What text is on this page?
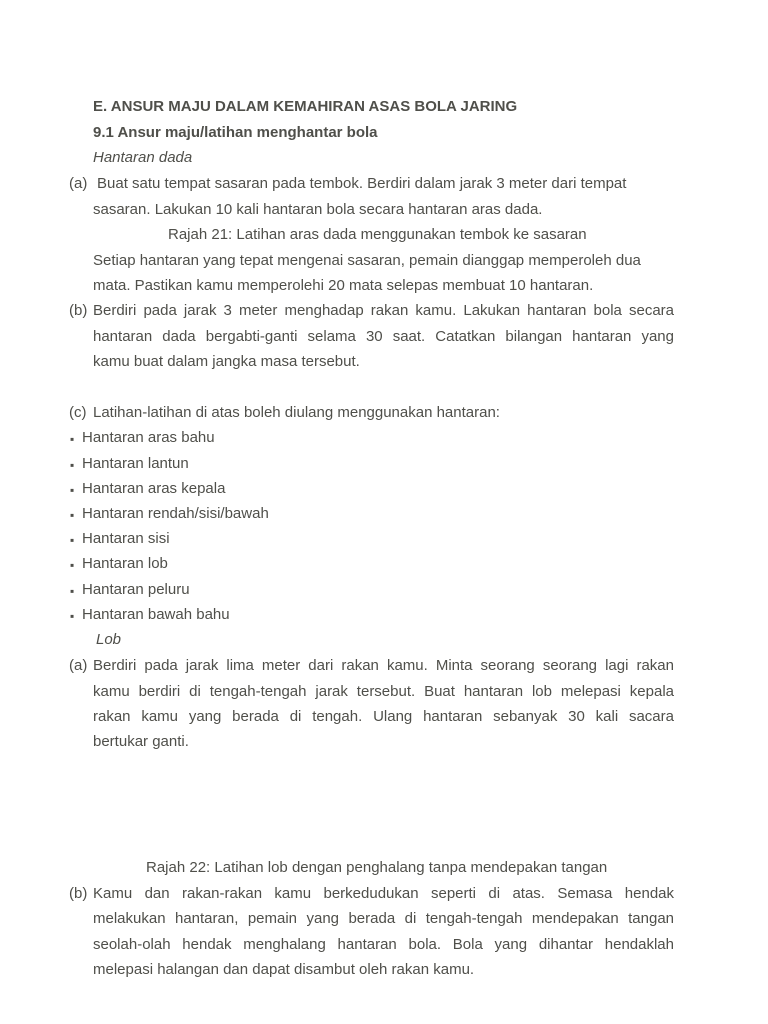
E. ANSUR MAJU DALAM KEMAHIRAN ASAS BOLA JARING
9.1 Ansur maju/latihan menghantar bola
Hantaran dada
(a) Buat satu tempat sasaran pada tembok. Berdiri dalam jarak 3 meter dari tempat
sasaran. Lakukan 10 kali hantaran bola secara hantaran aras dada.
Rajah 21: Latihan aras dada menggunakan tembok ke sasaran
Setiap hantaran yang tepat mengenai sasaran, pemain dianggap memperoleh dua
mata. Pastikan kamu memperolehi 20 mata selepas membuat 10 hantaran.
(b) Berdiri pada jarak 3 meter menghadap rakan kamu. Lakukan hantaran bola secara
hantaran dada bergabti-ganti selama 30 saat. Catatkan bilangan hantaran yang
kamu buat dalam jangka masa tersebut.
(c) Latihan-latihan di atas boleh diulang menggunakan hantaran:
▪ Hantaran aras bahu
▪ Hantaran lantun
▪ Hantaran aras kepala
▪ Hantaran rendah/sisi/bawah
▪ Hantaran sisi
▪ Hantaran lob
▪ Hantaran peluru
▪ Hantaran bawah bahu
Lob
(a) Berdiri pada jarak lima meter dari rakan kamu. Minta seorang seorang lagi rakan
kamu berdiri di tengah-tengah jarak tersebut. Buat hantaran lob melepasi kepala
rakan kamu yang berada di tengah. Ulang hantaran sebanyak 30 kali sacara
bertukar ganti.
Rajah 22: Latihan lob dengan penghalang tanpa mendepakan tangan
(b) Kamu dan rakan-rakan kamu berkedudukan seperti di atas. Semasa hendak
melakukan hantaran, pemain yang berada di tengah-tengah mendepakan tangan
seolah-olah hendak menghalang hantaran bola. Bola yang dihantar hendaklah
melepasi halangan dan dapat disambut oleh rakan kamu.
